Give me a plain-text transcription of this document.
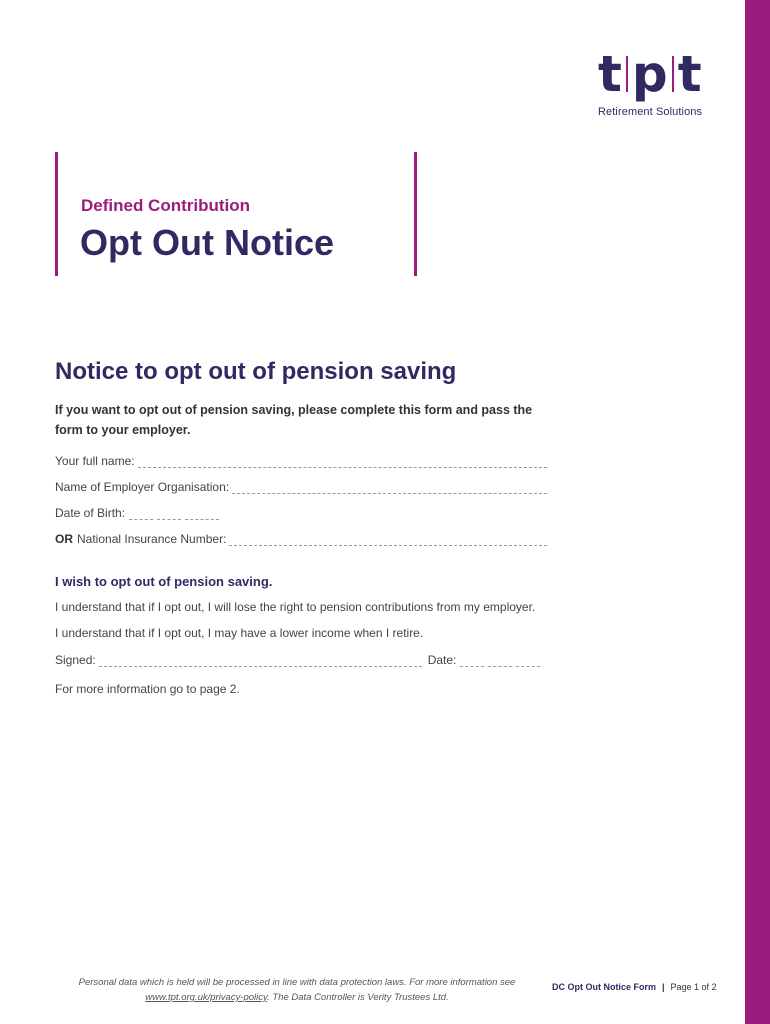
t p t
Retirement Solutions
Defined Contribution
Opt Out Notice
Notice to opt out of pension saving
If you want to opt out of pension saving, please complete this form and pass the form to your employer.
Your full name:
Name of Employer Organisation:
Date of Birth:
OR National Insurance Number:
I wish to opt out of pension saving.
I understand that if I opt out, I will lose the right to pension contributions from my employer.
I understand that if I opt out, I may have a lower income when I retire.
Signed:	Date:
For more information go to page 2.
Personal data which is held will be processed in line with data protection laws. For more information see www.tpt.org.uk/privacy-policy. The Data Controller is Verity Trustees Ltd.
DC Opt Out Notice Form | Page 1 of 2
